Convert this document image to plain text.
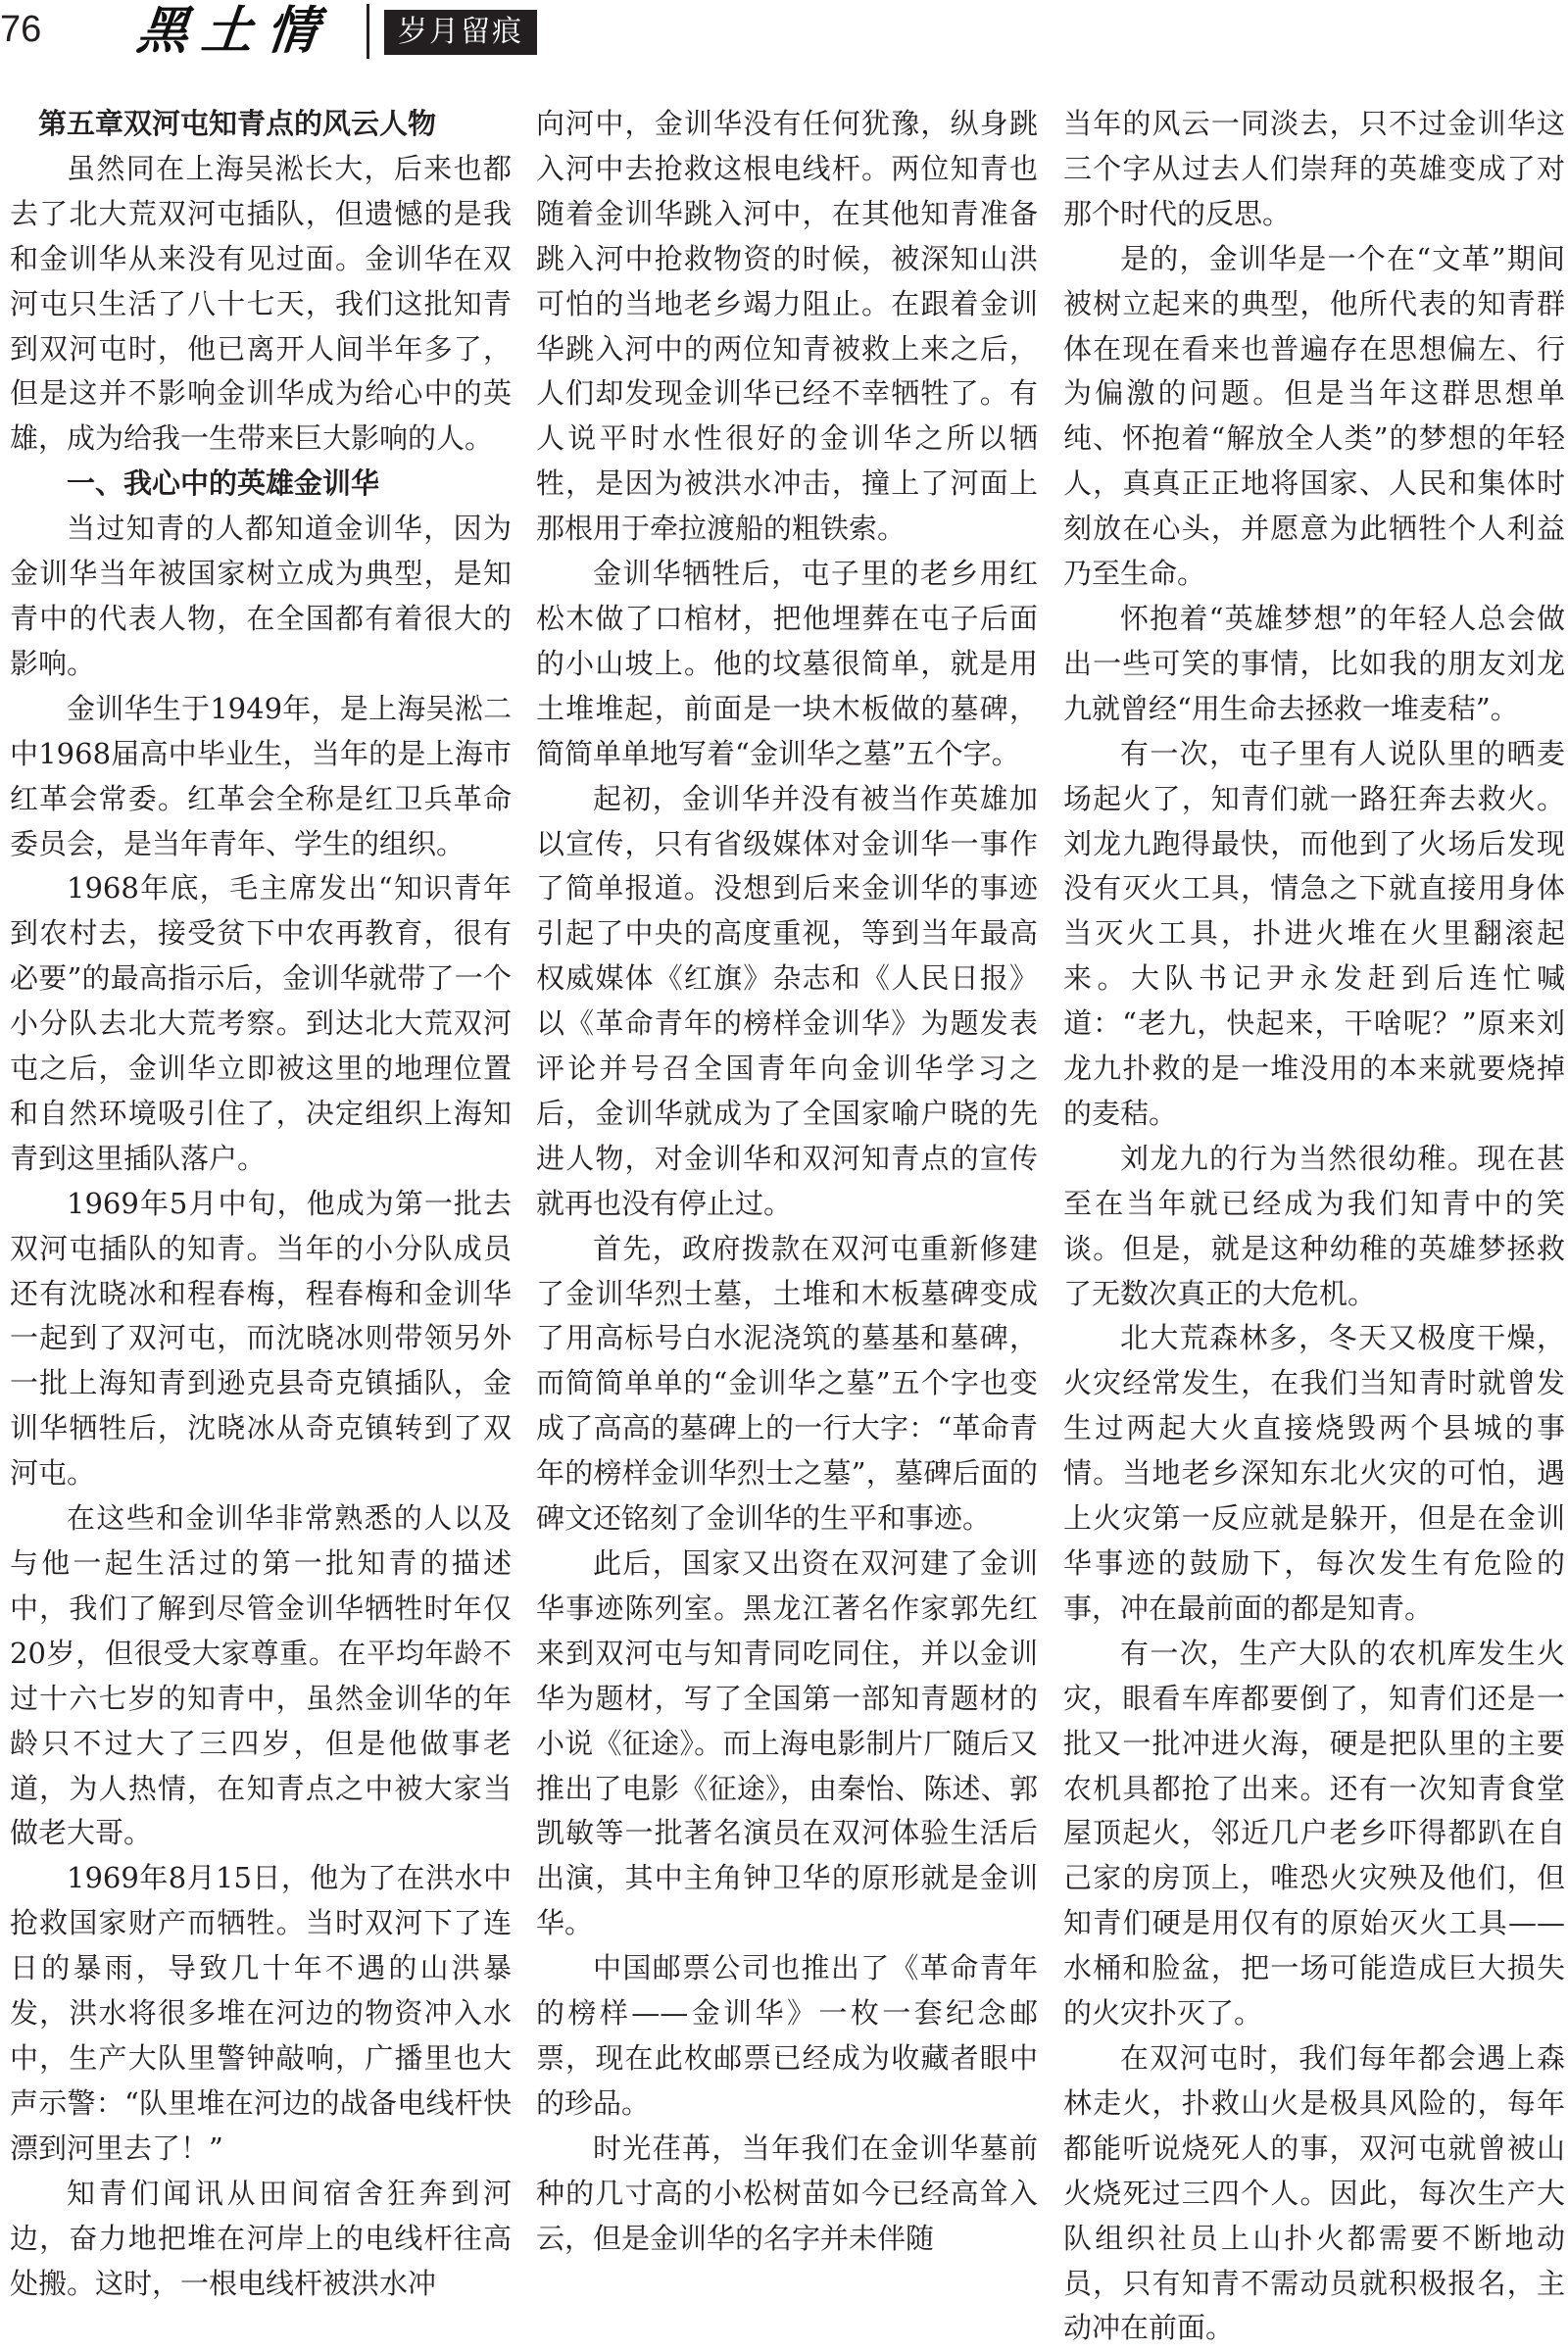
76 黑土情	岁月留痕
第五章双河屯知青点的风云人物

虽然同在上海吴淞长大，后来也都去了北大荒双河屯插队，但遗憾的是我和金训华从来没有见过面。金训华在双河屯只生活了八十七天，我们这批知青到双河屯时，他已离开人间半年多了，但是这并不影响金训华成为给心中的英雄，成为给我一生带来巨大影响的人。

一、我心中的英雄金训华

当过知青的人都知道金训华，因为金训华当年被国家树立成为典型，是知青中的代表人物，在全国都有着很大的影响。

金训华生于1949年，是上海吴淞二中1968届高中毕业生，当年的是上海市红革会常委。红革会全称是红卫兵革命委员会，是当年青年、学生的组织。

1968年底，毛主席发出“知识青年到农村去，接受贫下中农再教育，很有必要”的最高指示后，金训华就带了一个小分队去北大荒考察。到达北大荒双河屯之后，金训华立即被这里的地理位置和自然环境吸引住了，决定组织上海知青到这里插队落户。

1969年5月中旬，他成为第一批去双河屯插队的知青。当年的小分队成员还有沈晓冰和程春梅，程春梅和金训华一起到了双河屯，而沈晓冰则带领另外一批上海知青到逊克县奇克镇插队，金训华牺牲后，沈晓冰从奇克镇转到了双河屯。

在这些和金训华非常熟悉的人以及与他一起生活过的第一批知青的描述中，我们了解到尽管金训华牺牲时年仅20岁，但很受大家尊重。在平均年龄不过十六七岁的知青中，虽然金训华的年龄只不过大了三四岁，但是他做事老道，为人热情，在知青点之中被大家当做老大哥。

1969年8月15日，他为了在洪水中抢救国家财产而牺牲。当时双河下了连日的暴雨，导致几十年不遇的山洪暴发，洪水将很多堆在河边的物资冲入水中，生产大队里警钟敲响，广播里也大声示警：“队里堆在河边的战备电线杆快漂到河里去了！”

知青们闻讯从田间宿舍狂奔到河边，奋力地把堆在河岸上的电线杆往高处搬。这时，一根电线杆被洪水冲

向河中，金训华没有任何犹豫，纵身跳入河中去抢救这根电线杆。两位知青也随着金训华跳入河中，在其他知青准备跳入河中抢救物资的时候，被深知山洪可怕的当地老乡竭力阻止。在跟着金训华跳入河中的两位知青被救上来之后，人们却发现金训华已经不幸牺牲了。有人说平时水性很好的金训华之所以牺牲，是因为被洪水冲击，撞上了河面上那根用于牵拉渡船的粗铁索。

金训华牺牲后，屯子里的老乡用红松木做了口棺材，把他埋葬在屯子后面的小山坡上。他的坟墓很简单，就是用土堆堆起，前面是一块木板做的墓碑，简简单单地写着“金训华之墓”五个字。

起初，金训华并没有被当作英雄加以宣传，只有省级媒体对金训华一事作了简单报道。没想到后来金训华的事迹引起了中央的高度重视，等到当年最高权威媒体《红旗》杂志和《人民日报》以《革命青年的榜样金训华》为题发表评论并号召全国青年向金训华学习之后，金训华就成为了全国家喻户晓的先进人物，对金训华和双河知青点的宣传就再也没有停止过。

首先，政府拨款在双河屯重新修建了金训华烈士墓，土堆和木板墓碑变成了用高标号白水泥浇筑的墓基和墓碑，而简简单单的“金训华之墓”五个字也变成了高高的墓碑上的一行大字：“革命青年的榜样金训华烈士之墓”，墓碑后面的碑文还铭刻了金训华的生平和事迹。

此后，国家又出资在双河建了金训华事迹陈列室。黑龙江著名作家郭先红来到双河屯与知青同吃同住，并以金训华为题材，写了全国第一部知青题材的小说《征途》。而上海电影制片厂随后又推出了电影《征途》，由秦怡、陈述、郭凯敏等一批著名演员在双河体验生活后出演，其中主角钟卫华的原形就是金训华。

中国邮票公司也推出了《革命青年的榜样——金训华》一枚一套纪念邮票，现在此枚邮票已经成为收藏者眼中的珍品。

时光荏苒，当年我们在金训华墓前种的几寸高的小松树苗如今已经高耸入云，但是金训华的名字并未伴随

当年的风云一同淡去，只不过金训华这三个字从过去人们崇拜的英雄变成了对那个时代的反思。

是的，金训华是一个在“文革”期间被树立起来的典型，他所代表的知青群体在现在看来也普遍存在思想偏左、行为偏激的问题。但是当年这群思想单纯、怀抱着“解放全人类”的梦想的年轻人，真真正正地将国家、人民和集体时刻放在心头，并愿意为此牺牲个人利益乃至生命。

怀抱着“英雄梦想”的年轻人总会做出一些可笑的事情，比如我的朋友刘龙九就曾经“用生命去拯救一堆麦秸”。

有一次，屯子里有人说队里的晒麦场起火了，知青们就一路狂奔去救火。刘龙九跑得最快，而他到了火场后发现没有灭火工具，情急之下就直接用身体当灭火工具，扑进火堆在火里翻滚起来。大队书记尹永发赶到后连忙喊道：“老九，快起来，干啥呢？”原来刘龙九扑救的是一堆没用的本来就要烧掉的麦秸。

刘龙九的行为当然很幼稚。现在甚至在当年就已经成为我们知青中的笑谈。但是，就是这种幼稚的英雄梦拯救了无数次真正的大危机。

北大荒森林多，冬天又极度干燥，火灾经常发生，在我们当知青时就曾发生过两起大火直接烧毁两个县城的事情。当地老乡深知东北火灾的可怕，遇上火灾第一反应就是躲开，但是在金训华事迹的鼓励下，每次发生有危险的事，冲在最前面的都是知青。

有一次，生产大队的农机库发生火灾，眼看车库都要倒了，知青们还是一批又一批冲进火海，硬是把队里的主要农机具都抢了出来。还有一次知青食堂屋顶起火，邻近几户老乡吓得都趴在自己家的房顶上，唯恐火灾殃及他们，但知青们硬是用仅有的原始灭火工具——水桶和脸盆，把一场可能造成巨大损失的火灾扑灭了。

在双河屯时，我们每年都会遇上森林走火，扑救山火是极具风险的，每年都能听说烧死人的事，双河屯就曾被山火烧死过三四个人。因此，每次生产大队组织社员上山扑火都需要不断地动员，只有知青不需动员就积极报名，主动冲在前面。
